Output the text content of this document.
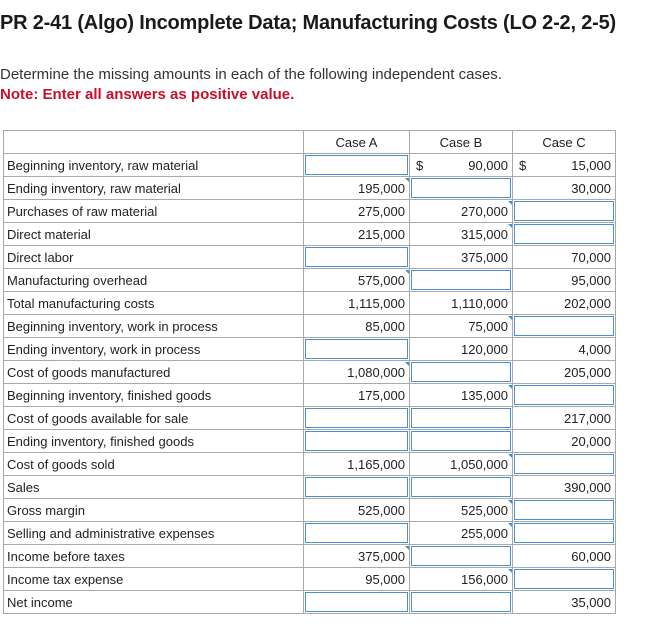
PR 2-41 (Algo) Incomplete Data; Manufacturing Costs (LO 2-2, 2-5)
Determine the missing amounts in each of the following independent cases.
Note: Enter all answers as positive value.
	Case A	Case B	Case C
Beginning inventory, raw material		$ 90,000	$ 15,000

Ending inventory, raw material	195,000		30,000

Purchases of raw material	275,000	270,000	

Direct material	215,000	315,000	

Direct labor		375,000	70,000

Manufacturing overhead	575,000		95,000

Total manufacturing costs	1,115,000	1,110,000	202,000

Beginning inventory, work in process	85,000	75,000	

Ending inventory, work in process		120,000	4,000

Cost of goods manufactured	1,080,000		205,000

Beginning inventory, finished goods	175,000	135,000	

Cost of goods available for sale			217,000

Ending inventory, finished goods			20,000

Cost of goods sold	1,165,000	1,050,000	

Sales			390,000

Gross margin	525,000	525,000	

Selling and administrative expenses		255,000	

Income before taxes	375,000		60,000

Income tax expense	95,000	156,000	

Net income			35,000
